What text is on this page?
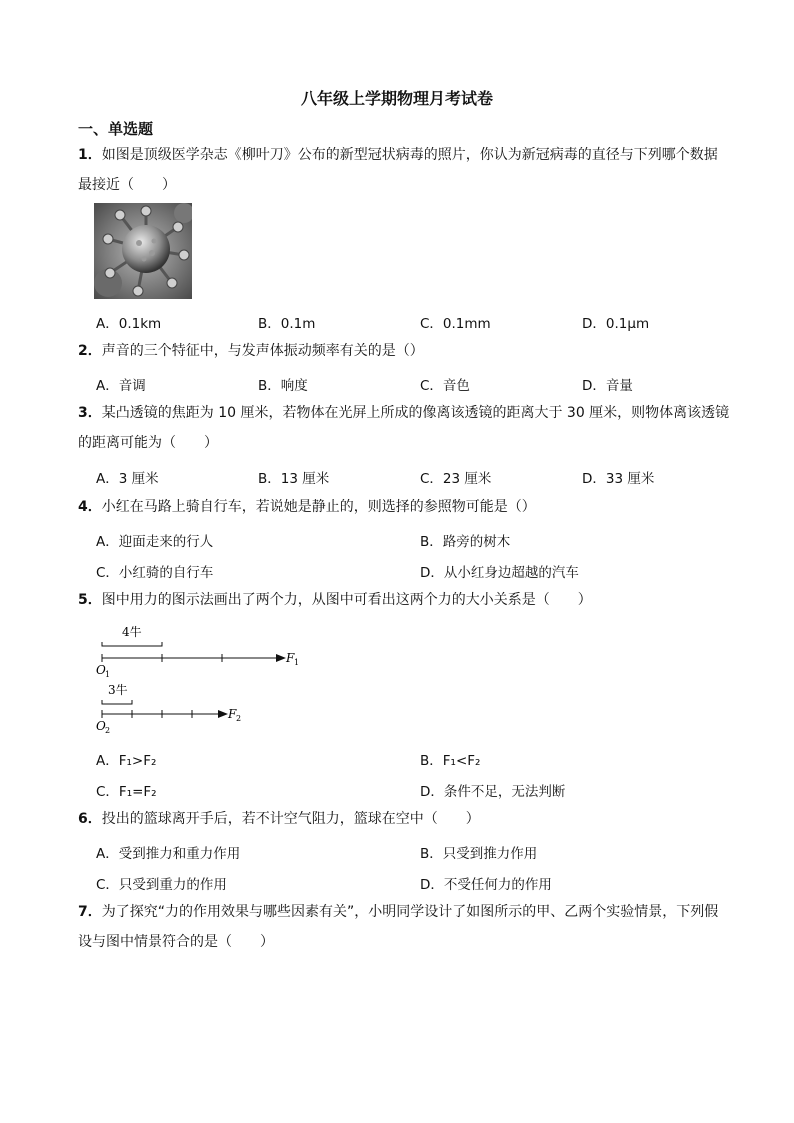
八年级上学期物理月考试卷
一、单选题
1．如图是顶级医学杂志《柳叶刀》公布的新型冠状病毒的照片，你认为新冠病毒的直径与下列哪个数据
最接近（　　）
A．0.1km	B．0.1m	C．0.1mm	D．0.1μm
2．声音的三个特征中，与发声体振动频率有关的是（）
A．音调	B．响度	C．音色	D．音量
3．某凸透镜的焦距为 10 厘米，若物体在光屏上所成的像离该透镜的距离大于 30 厘米，则物体离该透镜
的距离可能为（　　）
A．3 厘米	B．13 厘米	C．23 厘米	D．33 厘米
4．小红在马路上骑自行车，若说她是静止的，则选择的参照物可能是（）
A．迎面走来的行人	B．路旁的树木
C．小红骑的自行车	D．从小红身边超越的汽车
5．图中用力的图示法画出了两个力，从图中可看出这两个力的大小关系是（　　）
4牛
O 1
F 1
3牛
O 2
F 2
A．F₁>F₂	B．F₁<F₂
C．F₁=F₂	D．条件不足，无法判断
6．投出的篮球离开手后，若不计空气阻力，篮球在空中（　　）
A．受到推力和重力作用	B．只受到推力作用
C．只受到重力的作用	D．不受任何力的作用
7．为了探究“力的作用效果与哪些因素有关”，小明同学设计了如图所示的甲、乙两个实验情景，下列假
设与图中情景符合的是（　　）
